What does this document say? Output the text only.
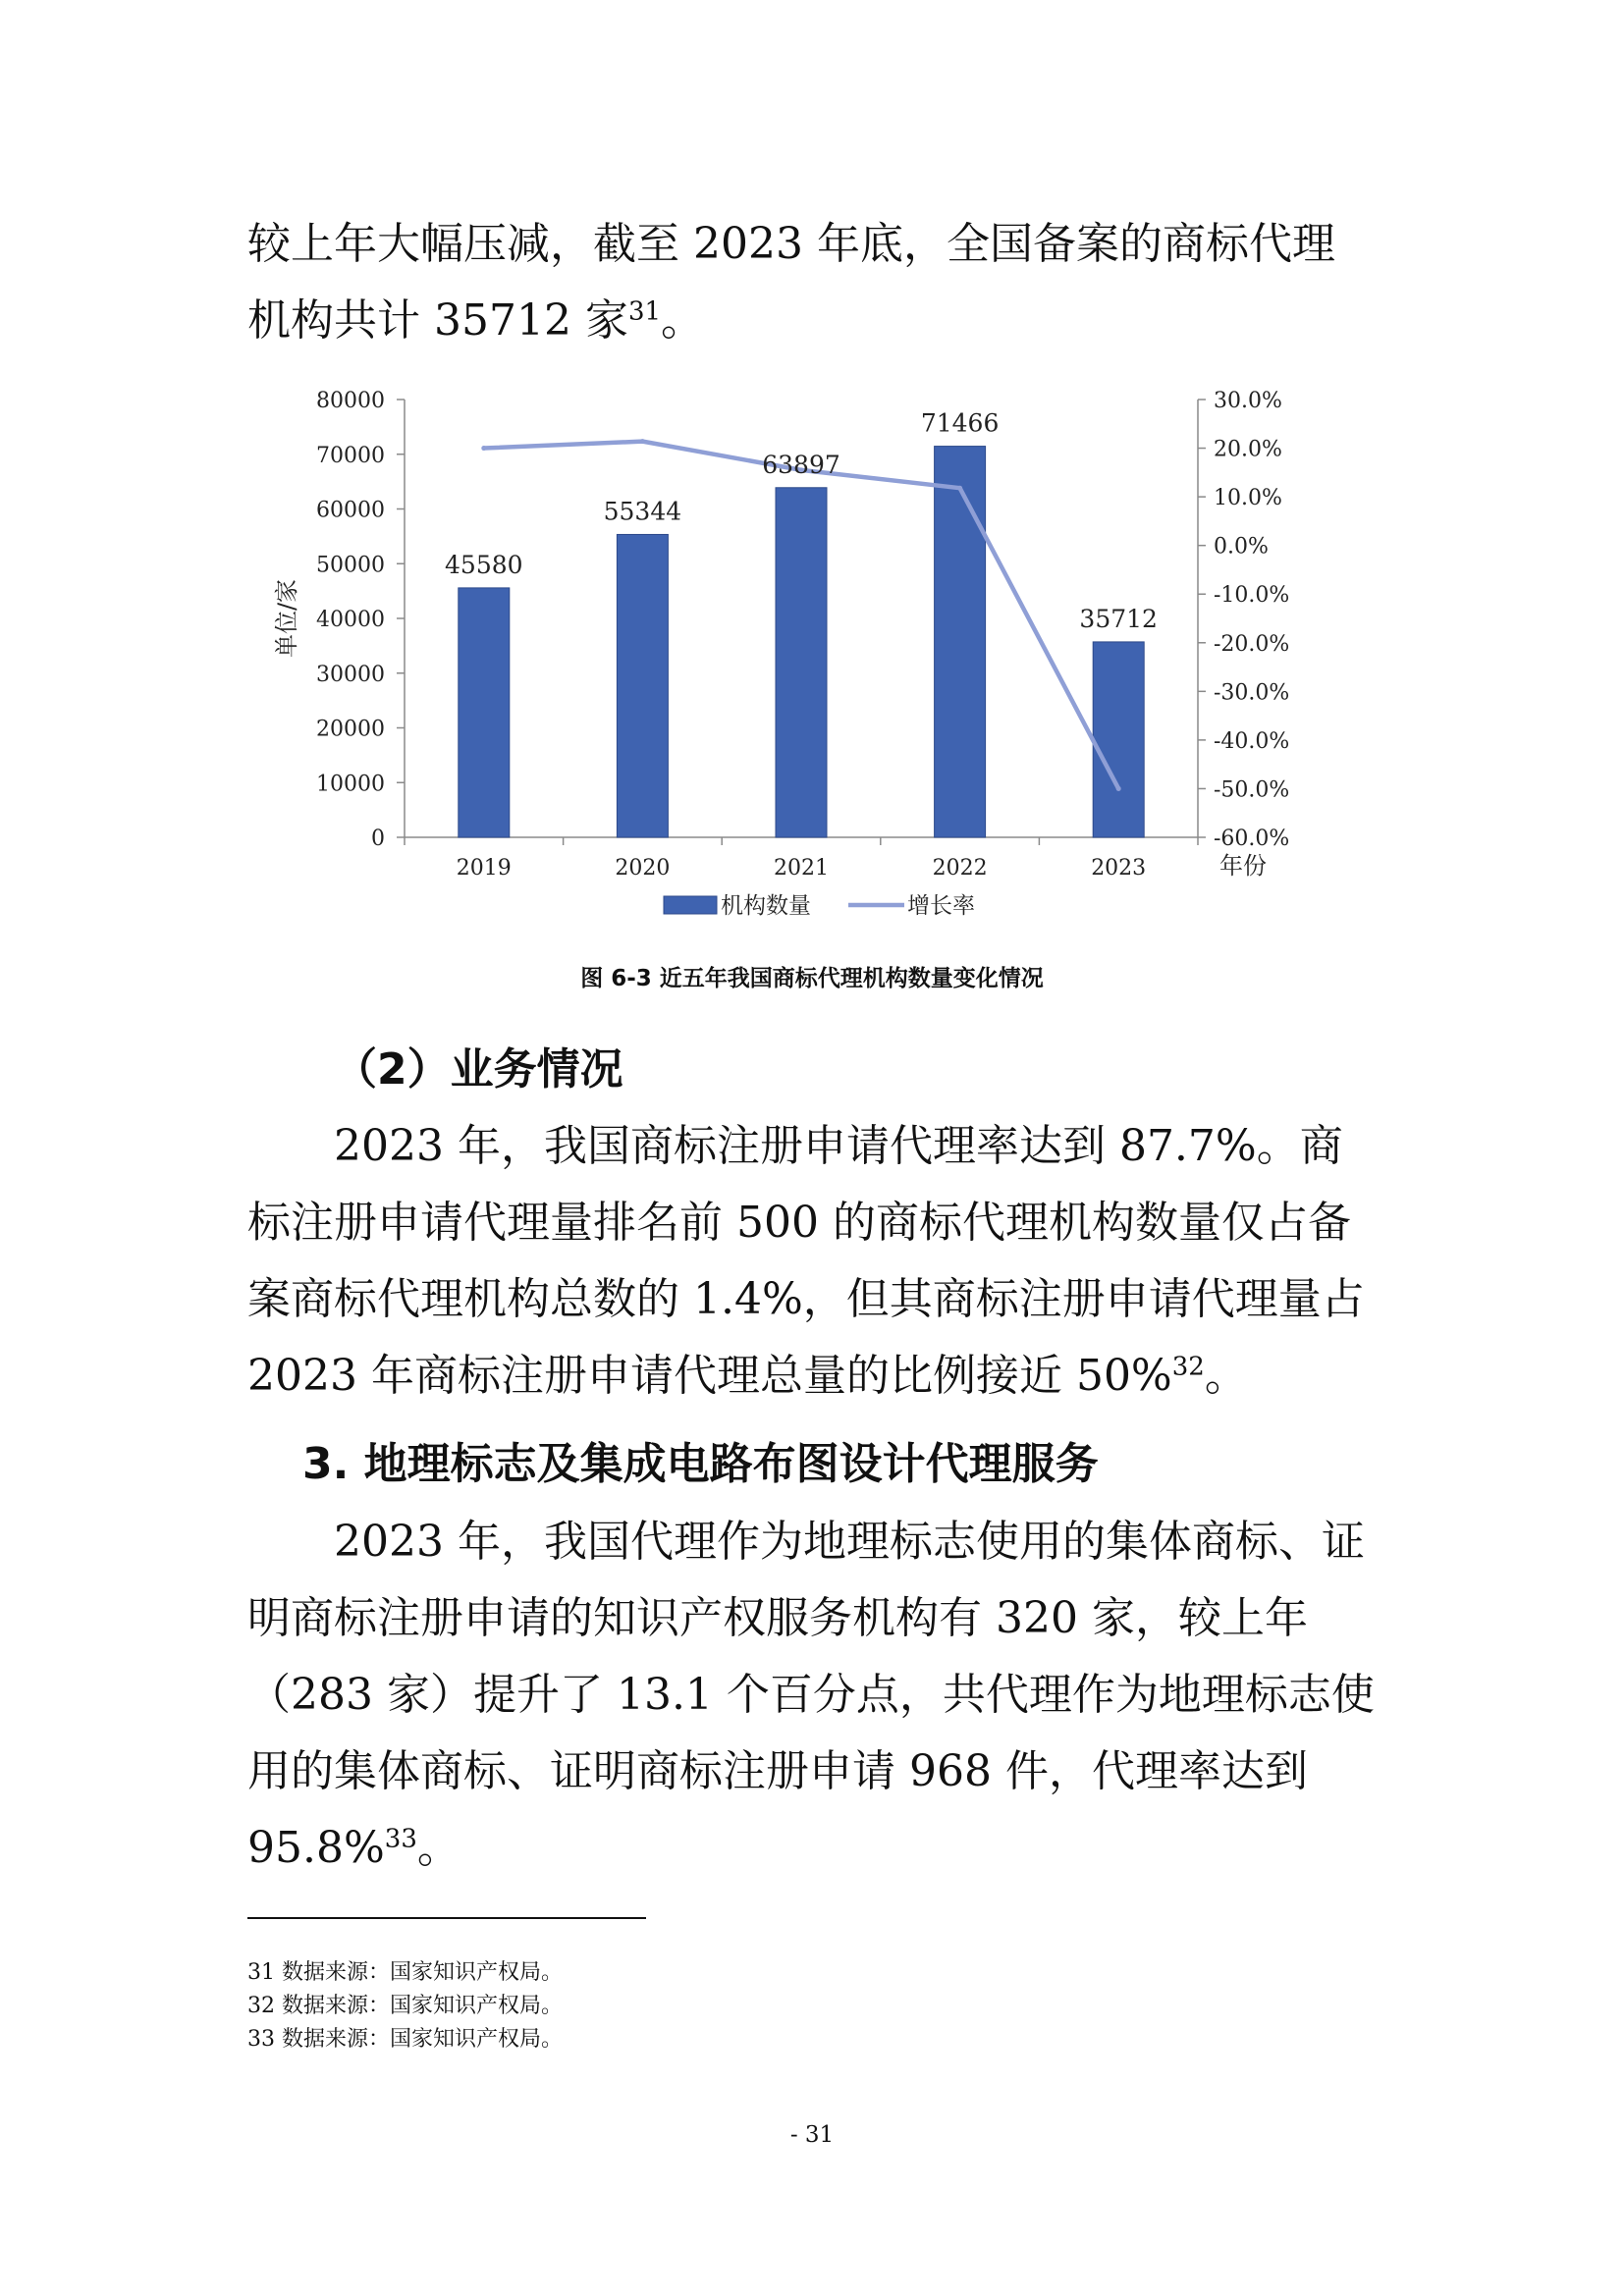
较上年大幅压减，截至 2023 年底，全国备案的商标代理机构共计 35712 家$^{31}$。

0
10000
20000
30000
40000
50000
60000
70000
80000
-60.0%
-50.0%
-40.0%
-30.0%
-20.0%
-10.0%
0.0%
10.0%
20.0%
30.0%
单位/家
年份
45580
55344
63897
71466
35712
2019	2020	2021	2022	2023
机构数量	增长率
图 6-3 近五年我国商标代理机构数量变化情况
（2）业务情况

2023 年，我国商标注册申请代理率达到 87.7%。商标注册申请代理量排名前 500 的商标代理机构数量仅占备案商标代理机构总数的 1.4%，但其商标注册申请代理量占 2023 年商标注册申请代理总量的比例接近 50%$^{32}$。

3. 地理标志及集成电路布图设计代理服务

2023 年，我国代理作为地理标志使用的集体商标、证明商标注册申请的知识产权服务机构有 320 家，较上年（283 家）提升了 13.1 个百分点，共代理作为地理标志使用的集体商标、证明商标注册申请 968 件，代理率达到 95.8%$^{33}$。

31 数据来源：国家知识产权局。
32 数据来源：国家知识产权局。
33 数据来源：国家知识产权局。
- 31
